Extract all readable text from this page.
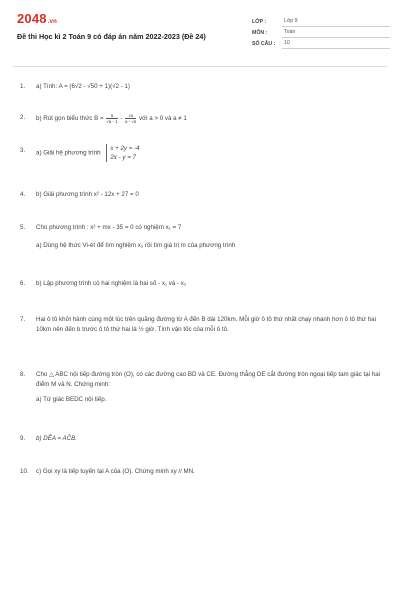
2048.vn
Đề thi Học kì 2 Toán 9 có đáp án năm 2022-2023 (Đề 24)
LỚP :	Lớp 9
MÔN :	Toán
SỐ CÂU :	10
1.	a) Tính: A = (6√2 - √50 + 1)(√2 - 1)
2.	b) Rút gọn biểu thức $B = \frac{a}{√a - 1} - \frac{√a}{a - √a}$ với a > 0 và a ≠ 1
3.	a) Giải hệ phương trình x + 2y = -4
2x - y = 7
4.	b) Giải phương trình x² - 12x + 27 = 0
5.	Cho phương trình : x² + mx - 35 = 0 có nghiệm x₁ = 7
a) Dùng hệ thức Vi-ét để tìm nghiệm x₂ rồi tìm giá trị m của phương trình
6.	b) Lập phương trình có hai nghiệm là hai số - x₁ và - x₂
7.	Hai ô tô khởi hành cùng một lúc trên quãng đường từ A đến B dài 120km. Mỗi giờ ô tô thứ nhất chạy nhanh hơn ô tô thứ hai 10km nên đến b trước ô tô thứ hai là ½ giờ. Tính vận tốc của mỗi ô tô.
8.	Cho △ ABC nội tiếp đường tròn (O), có các đường cao BD và CE. Đường thẳng DE cắt đường tròn ngoại tiếp tam giác tại hai điểm M và N. Chứng minh:
a) Tứ giác BEDC nội tiếp.
9.	b) DÊA = AĈB.
10.	c) Gọi xy là tiếp tuyến tại A của (O). Chứng minh xy // MN.
